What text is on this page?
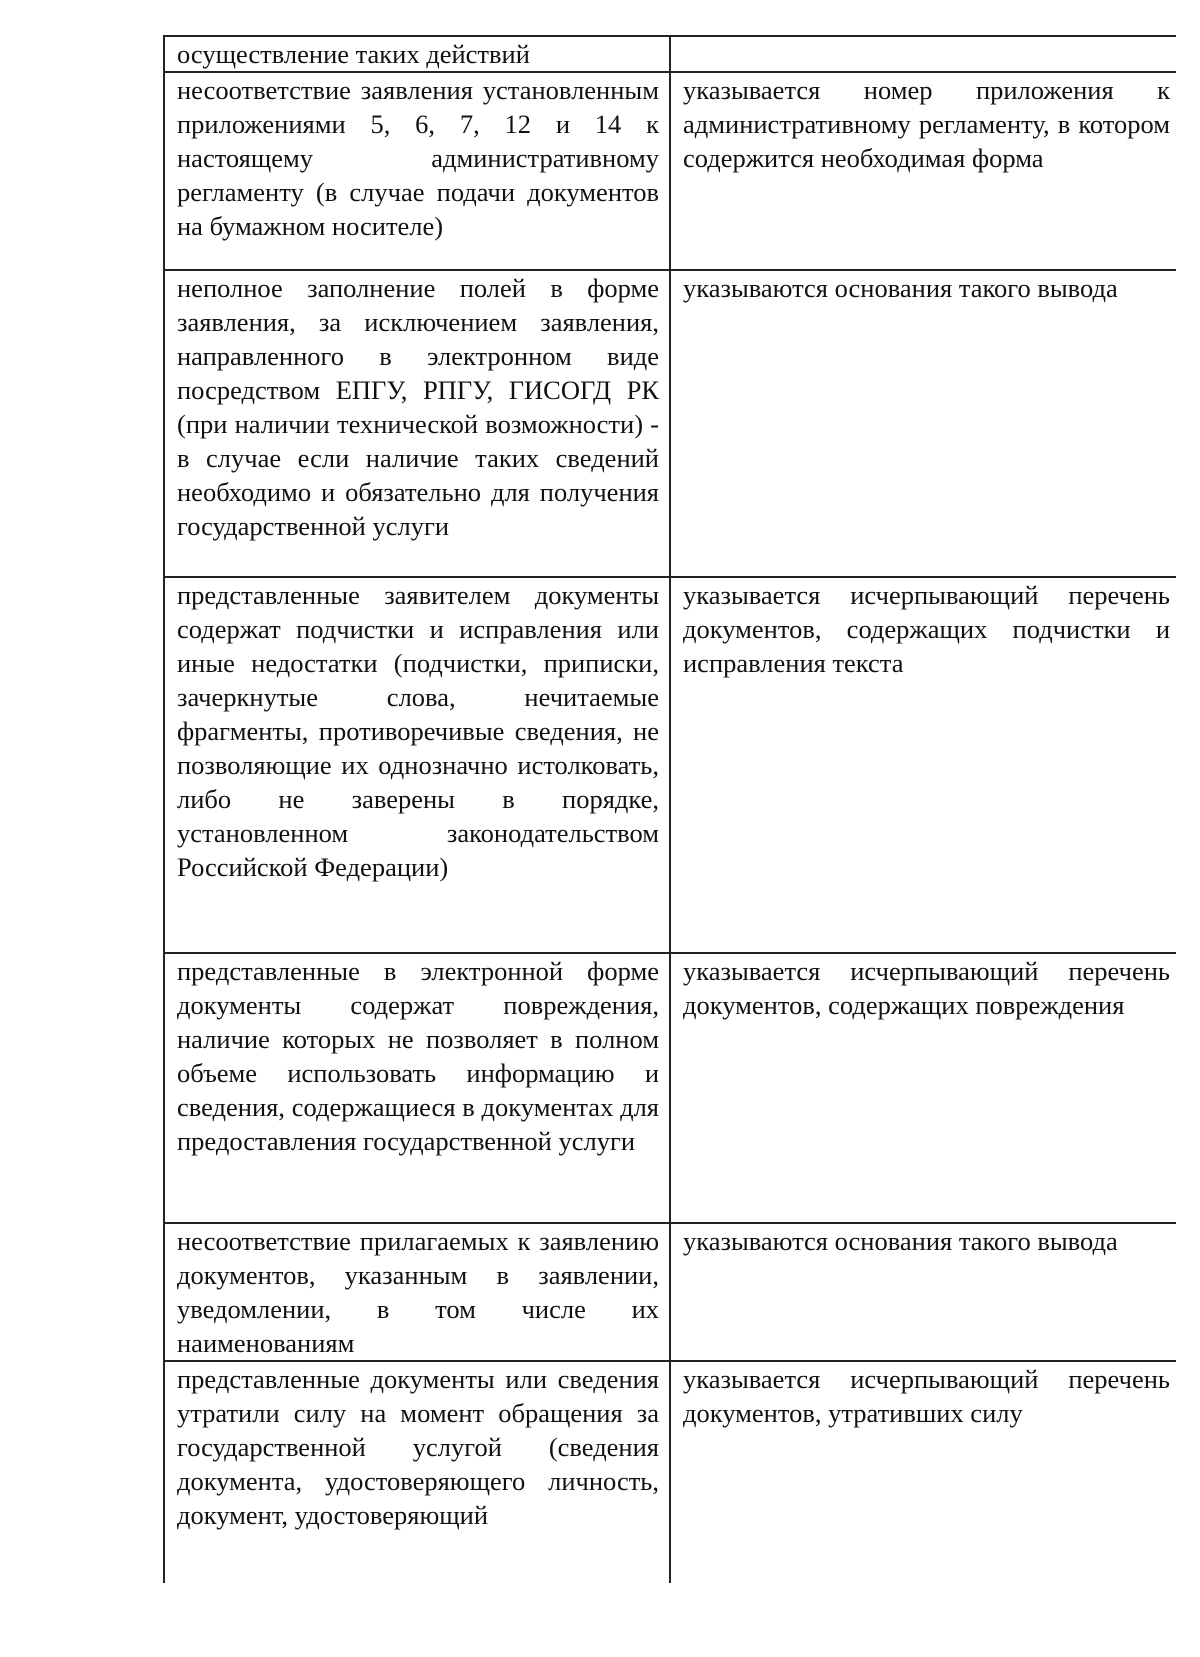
осуществление таких действий	

несоответствие заявления установленным приложениями 5, 6, 7, 12 и 14 к настоящему административному регламенту (в случае подачи документов на бумажном носителе)	указывается номер приложения к административному регламенту, в котором содержится необходимая форма

неполное заполнение полей в форме заявления, за исключением заявления, направленного в электронном виде посредством ЕПГУ, РПГУ, ГИСОГД РК (при наличии технической возможности) - в случае если наличие таких сведений необходимо и обязательно для получения государственной услуги	указываются основания такого вывода

представленные заявителем документы содержат подчистки и исправления или иные недостатки (подчистки, приписки, зачеркнутые слова, нечитаемые фрагменты, противоречивые сведения, не позволяющие их однозначно истолковать, либо не заверены в порядке, установленном законодательством Российской Федерации)	указывается исчерпывающий перечень документов, содержащих подчистки и исправления текста

представленные в электронной форме документы содержат повреждения, наличие которых не позволяет в полном объеме использовать информацию и сведения, содержащиеся в документах для предоставления государственной услуги	указывается исчерпывающий перечень документов, содержащих повреждения

несоответствие прилагаемых к заявлению документов, указанным в заявлении, уведомлении, в том числе их наименованиям	указываются основания такого вывода

представленные документы или сведения утратили силу на момент обращения за государственной услугой (сведения документа, удостоверяющего личность, документ, удостоверяющий	указывается исчерпывающий перечень документов, утративших силу
